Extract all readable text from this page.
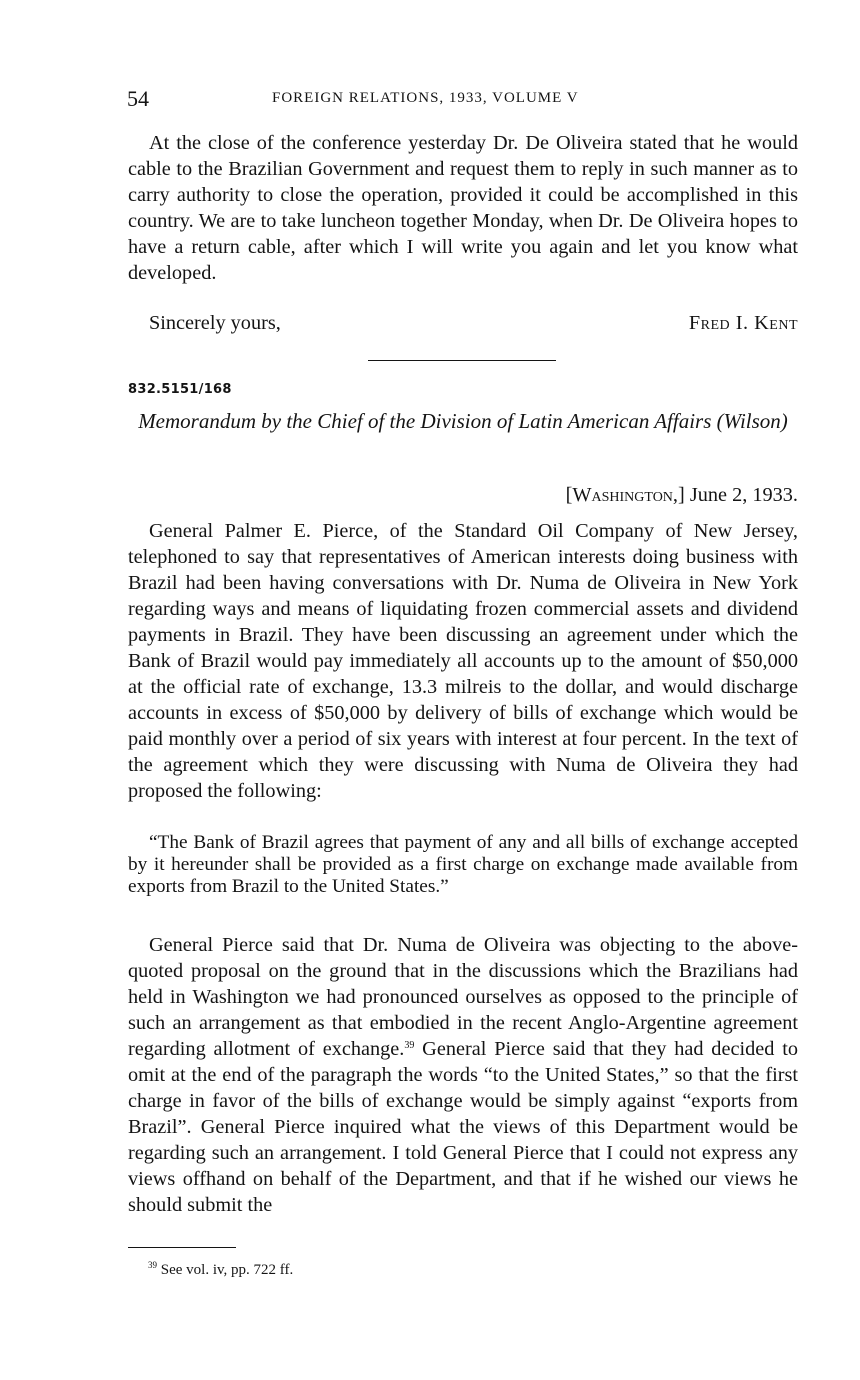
54	FOREIGN RELATIONS, 1933, VOLUME V

At the close of the conference yesterday Dr. De Oliveira stated that he would cable to the Brazilian Government and request them to reply in such manner as to carry authority to close the operation, provided it could be accomplished in this country. We are to take luncheon together Monday, when Dr. De Oliveira hopes to have a return cable, after which I will write you again and let you know what developed.

Sincerely yours,	Fred I. Kent
832.5151/168
Memorandum by the Chief of the Division of Latin American Affairs (Wilson)
[Washington,] June 2, 1933.

General Palmer E. Pierce, of the Standard Oil Company of New Jersey, telephoned to say that representatives of American interests doing business with Brazil had been having conversations with Dr. Numa de Oliveira in New York regarding ways and means of liquidating frozen commercial assets and dividend payments in Brazil. They have been discussing an agreement under which the Bank of Brazil would pay immediately all accounts up to the amount of $50,000 at the official rate of exchange, 13.3 milreis to the dollar, and would discharge accounts in excess of $50,000 by delivery of bills of exchange which would be paid monthly over a period of six years with interest at four percent. In the text of the agreement which they were discussing with Numa de Oliveira they had proposed the following:

“The Bank of Brazil agrees that payment of any and all bills of exchange accepted by it hereunder shall be provided as a first charge on exchange made available from exports from Brazil to the United States.”

General Pierce said that Dr. Numa de Oliveira was objecting to the above-quoted proposal on the ground that in the discussions which the Brazilians had held in Washington we had pronounced ourselves as opposed to the principle of such an arrangement as that embodied in the recent Anglo-Argentine agreement regarding allotment of exchange.$^{39}$ General Pierce said that they had decided to omit at the end of the paragraph the words “to the United States,” so that the first charge in favor of the bills of exchange would be simply against “exports from Brazil”. General Pierce inquired what the views of this Department would be regarding such an arrangement. I told General Pierce that I could not express any views offhand on behalf of the Department, and that if he wished our views he should submit the

$^{39}$ See vol. iv, pp. 722 ff.
